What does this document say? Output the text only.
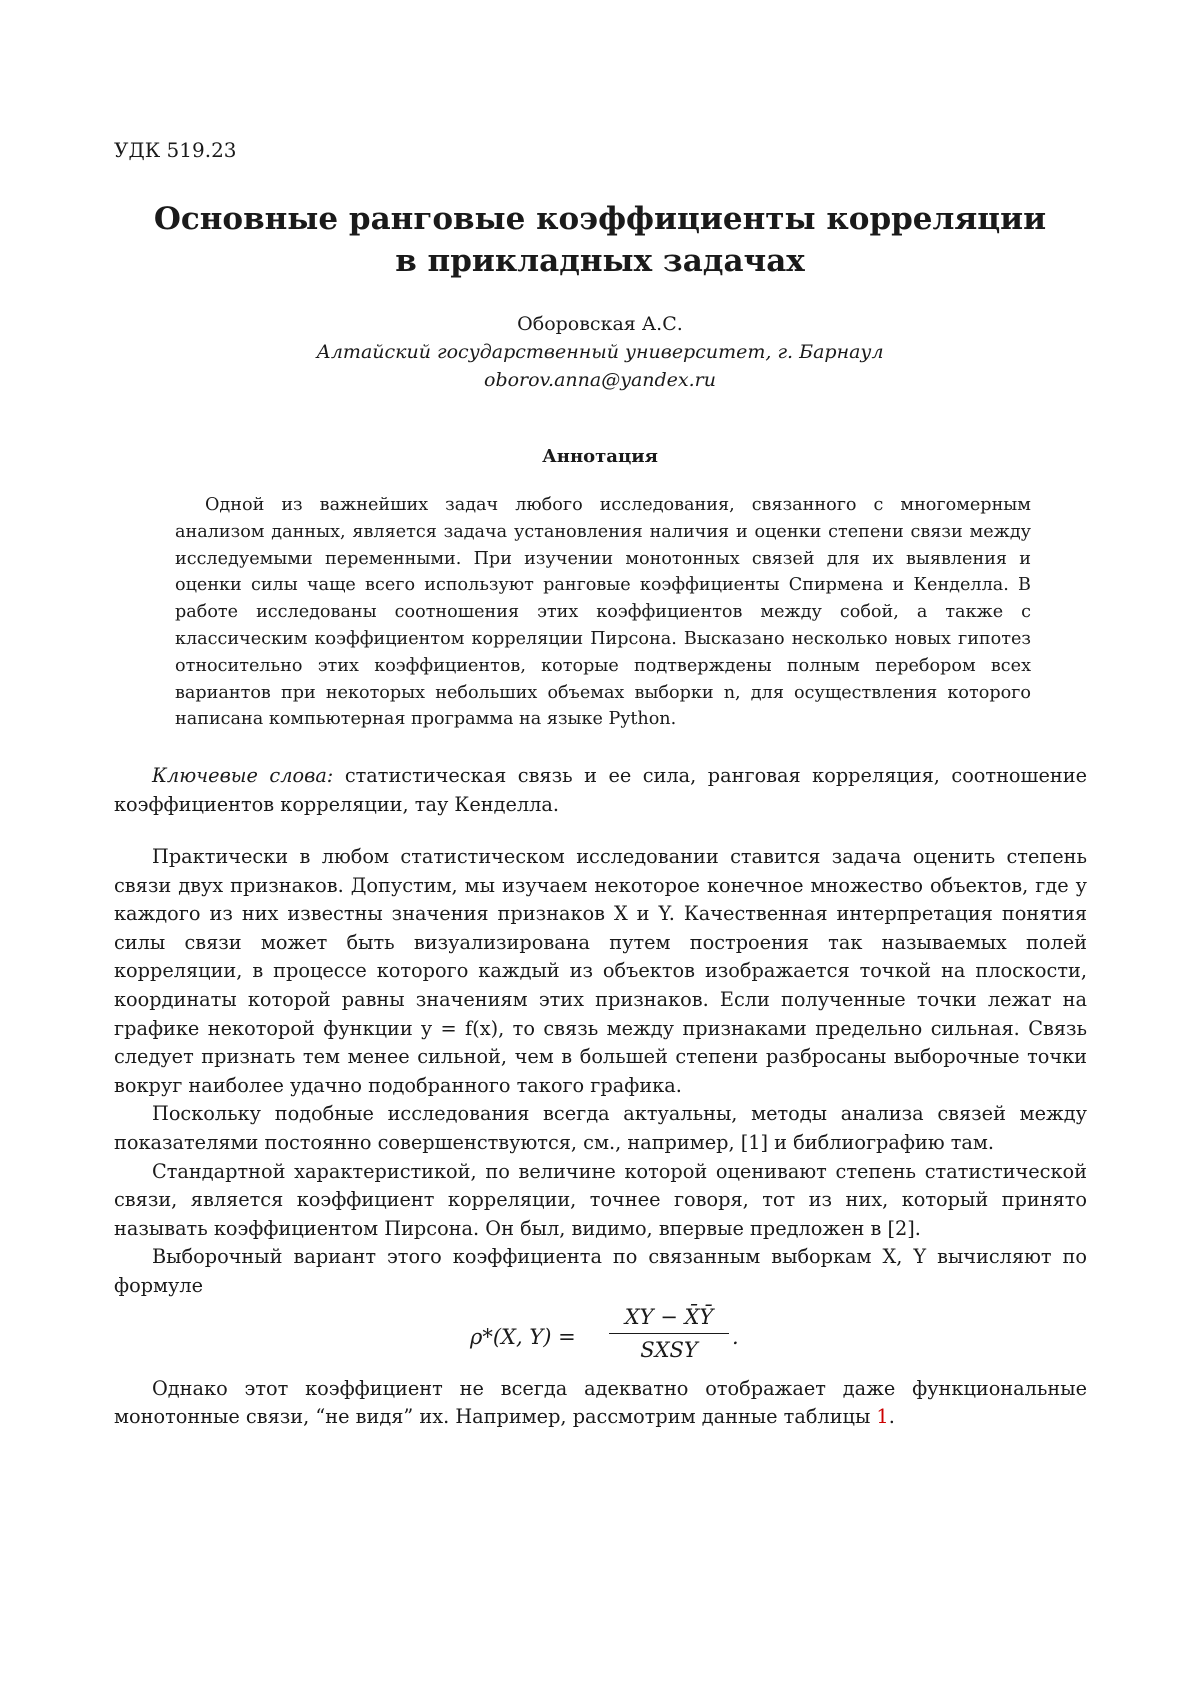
УДК 519.23
Основные ранговые коэффициенты корреляции в прикладных задачах
Оборовская А.С.
Алтайский государственный университет, г. Барнаул
oborov.anna@yandex.ru
Аннотация
Одной из важнейших задач любого исследования, связанного с многомерным анализом данных, является задача установления наличия и оценки степени связи между исследуемыми переменными. При изучении монотонных связей для их выявления и оценки силы чаще всего используют ранговые коэффициенты Спирмена и Кенделла. В работе исследованы соотношения этих коэффициентов между собой, а также с классическим коэффициентом корреляции Пирсона. Высказано несколько новых гипотез относительно этих коэффициентов, которые подтверждены полным перебором всех вариантов при некоторых небольших объемах выборки n, для осуществления которого написана компьютерная программа на языке Python.
Ключевые слова: статистическая связь и ее сила, ранговая корреляция, соотношение коэффициентов корреляции, тау Кенделла.

Практически в любом статистическом исследовании ставится задача оценить степень связи двух признаков. Допустим, мы изучаем некоторое конечное множество объектов, где у каждого из них известны значения признаков X и Y. Качественная интерпретация понятия силы связи может быть визуализирована путем построения так называемых полей корреляции, в процессе которого каждый из объектов изображается точкой на плоскости, координаты которой равны значениям этих признаков. Если полученные точки лежат на графике некоторой функции y = f(x), то связь между признаками предельно сильная. Связь следует признать тем менее сильной, чем в большей степени разбросаны выборочные точки вокруг наиболее удачно подобранного такого графика.

Поскольку подобные исследования всегда актуальны, методы анализа связей между показателями постоянно совершенствуются, см., например, [1] и библиографию там.

Стандартной характеристикой, по величине которой оценивают степень статистической связи, является коэффициент корреляции, точнее говоря, тот из них, который принято называть коэффициентом Пирсона. Он был, видимо, впервые предложен в [2].

Выборочный вариант этого коэффициента по связанным выборкам X, Y вычисляют по формуле

ρ*(X, Y) =
XY − X̄Ȳ
SXSY
.

Однако этот коэффициент не всегда адекватно отображает даже функциональные монотонные связи, “не видя” их. Например, рассмотрим данные таблицы 1.
